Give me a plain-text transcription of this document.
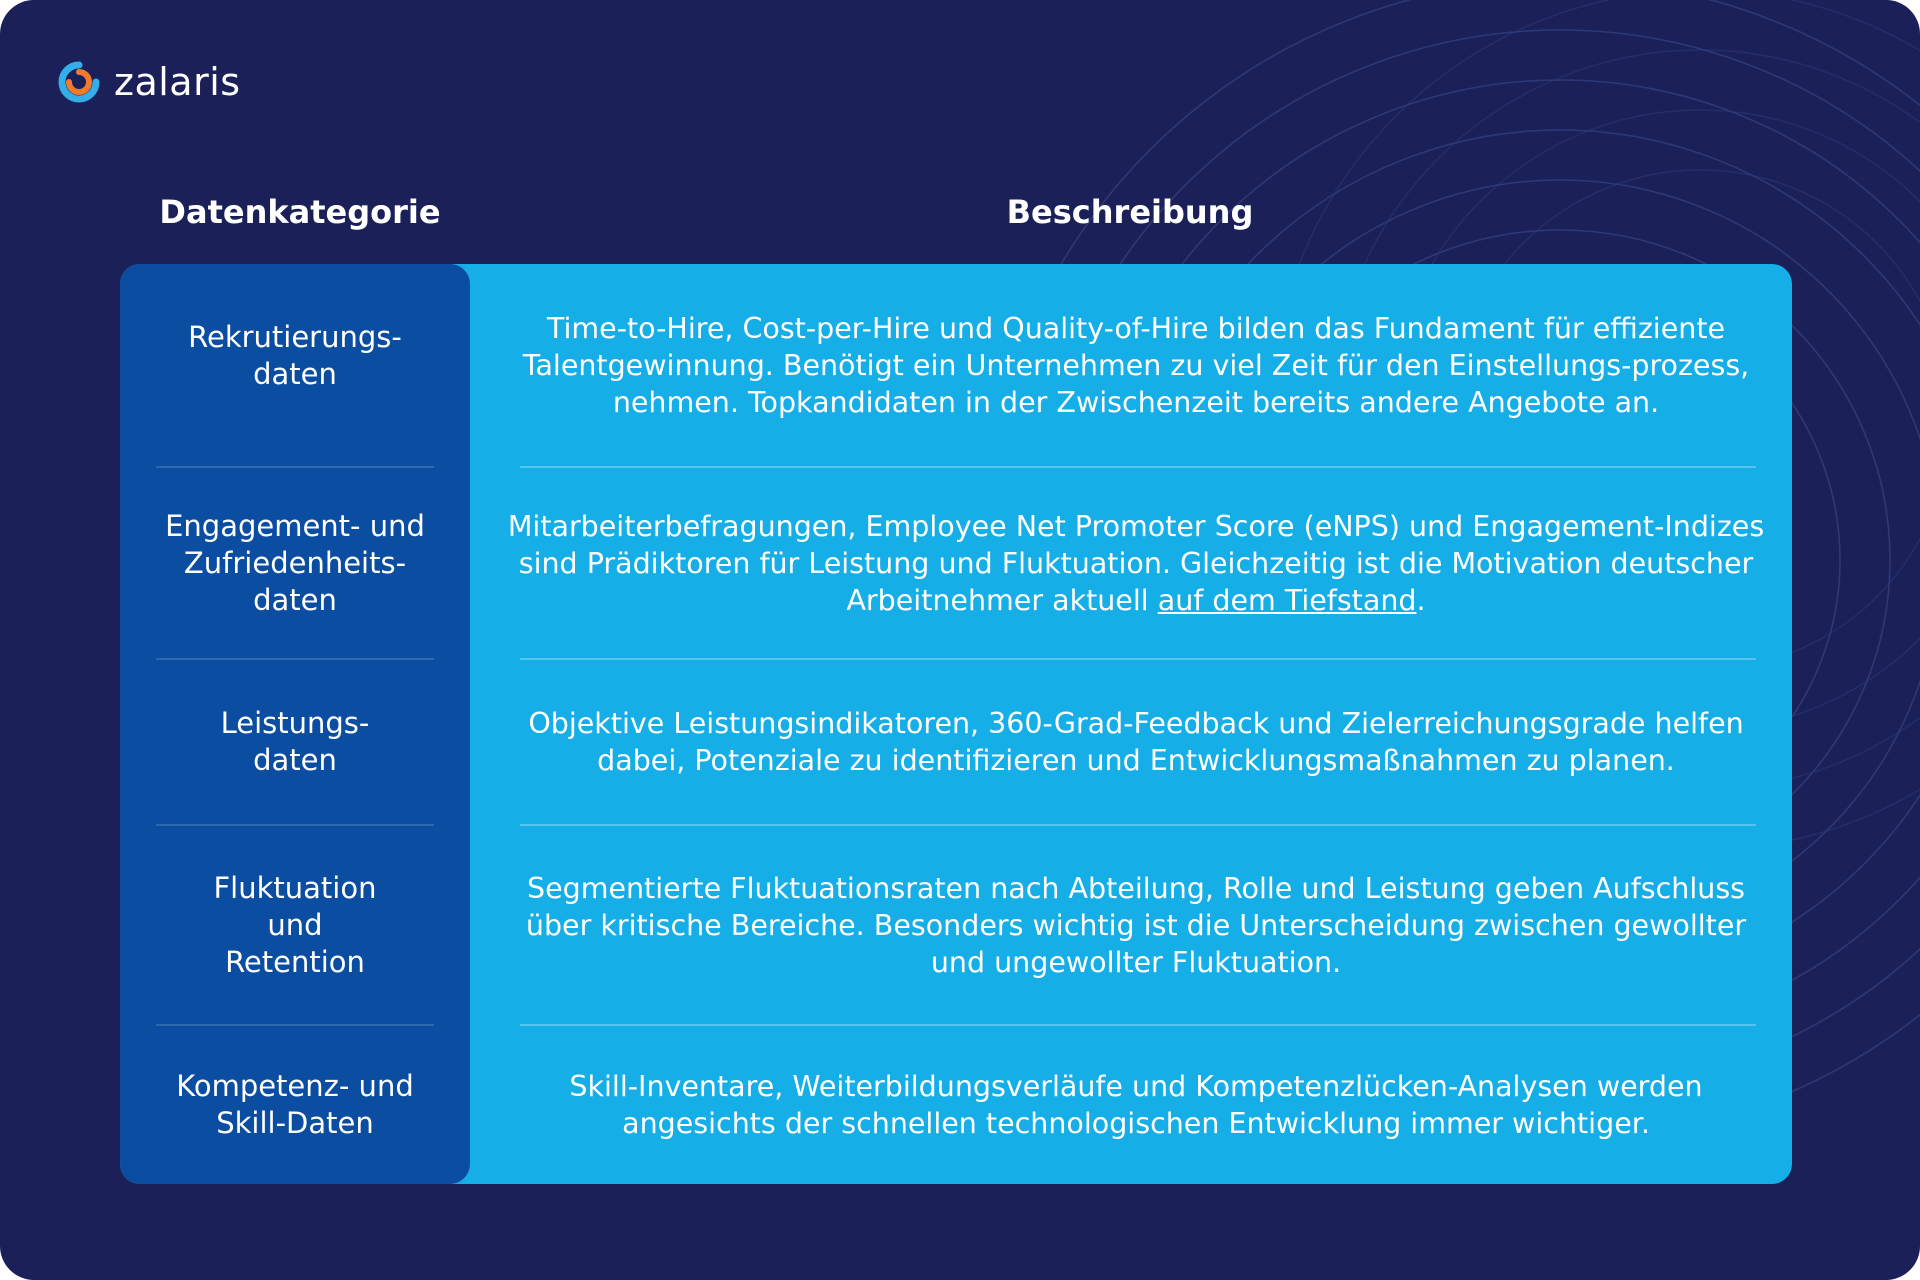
zalaris
Datenkategorie	Beschreibung
Rekrutierungs-
daten

Time-to-Hire, Cost-per-Hire und Quality-of-Hire bilden das Fundament für effiziente Talentgewinnung. Benötigt ein Unternehmen zu viel Zeit für den Einstellungs-prozess, nehmen. Topkandidaten in der Zwischenzeit bereits andere Angebote an.

Engagement- und
Zufriedenheits-
daten

Mitarbeiterbefragungen, Employee Net Promoter Score (eNPS) und Engagement-Indizes sind Prädiktoren für Leistung und Fluktuation. Gleichzeitig ist die Motivation deutscher Arbeitnehmer aktuell auf dem Tiefstand.

Leistungs-
daten

Objektive Leistungsindikatoren, 360-Grad-Feedback und Zielerreichungsgrade helfen dabei, Potenziale zu identifizieren und Entwicklungsmaßnahmen zu planen.

Fluktuation
und
Retention

Segmentierte Fluktuationsraten nach Abteilung, Rolle und Leistung geben Aufschluss über kritische Bereiche. Besonders wichtig ist die Unterscheidung zwischen gewollter und ungewollter Fluktuation.

Kompetenz- und
Skill-Daten

Skill-Inventare, Weiterbildungsverläufe und Kompetenzlücken-Analysen werden angesichts der schnellen technologischen Entwicklung immer wichtiger.
